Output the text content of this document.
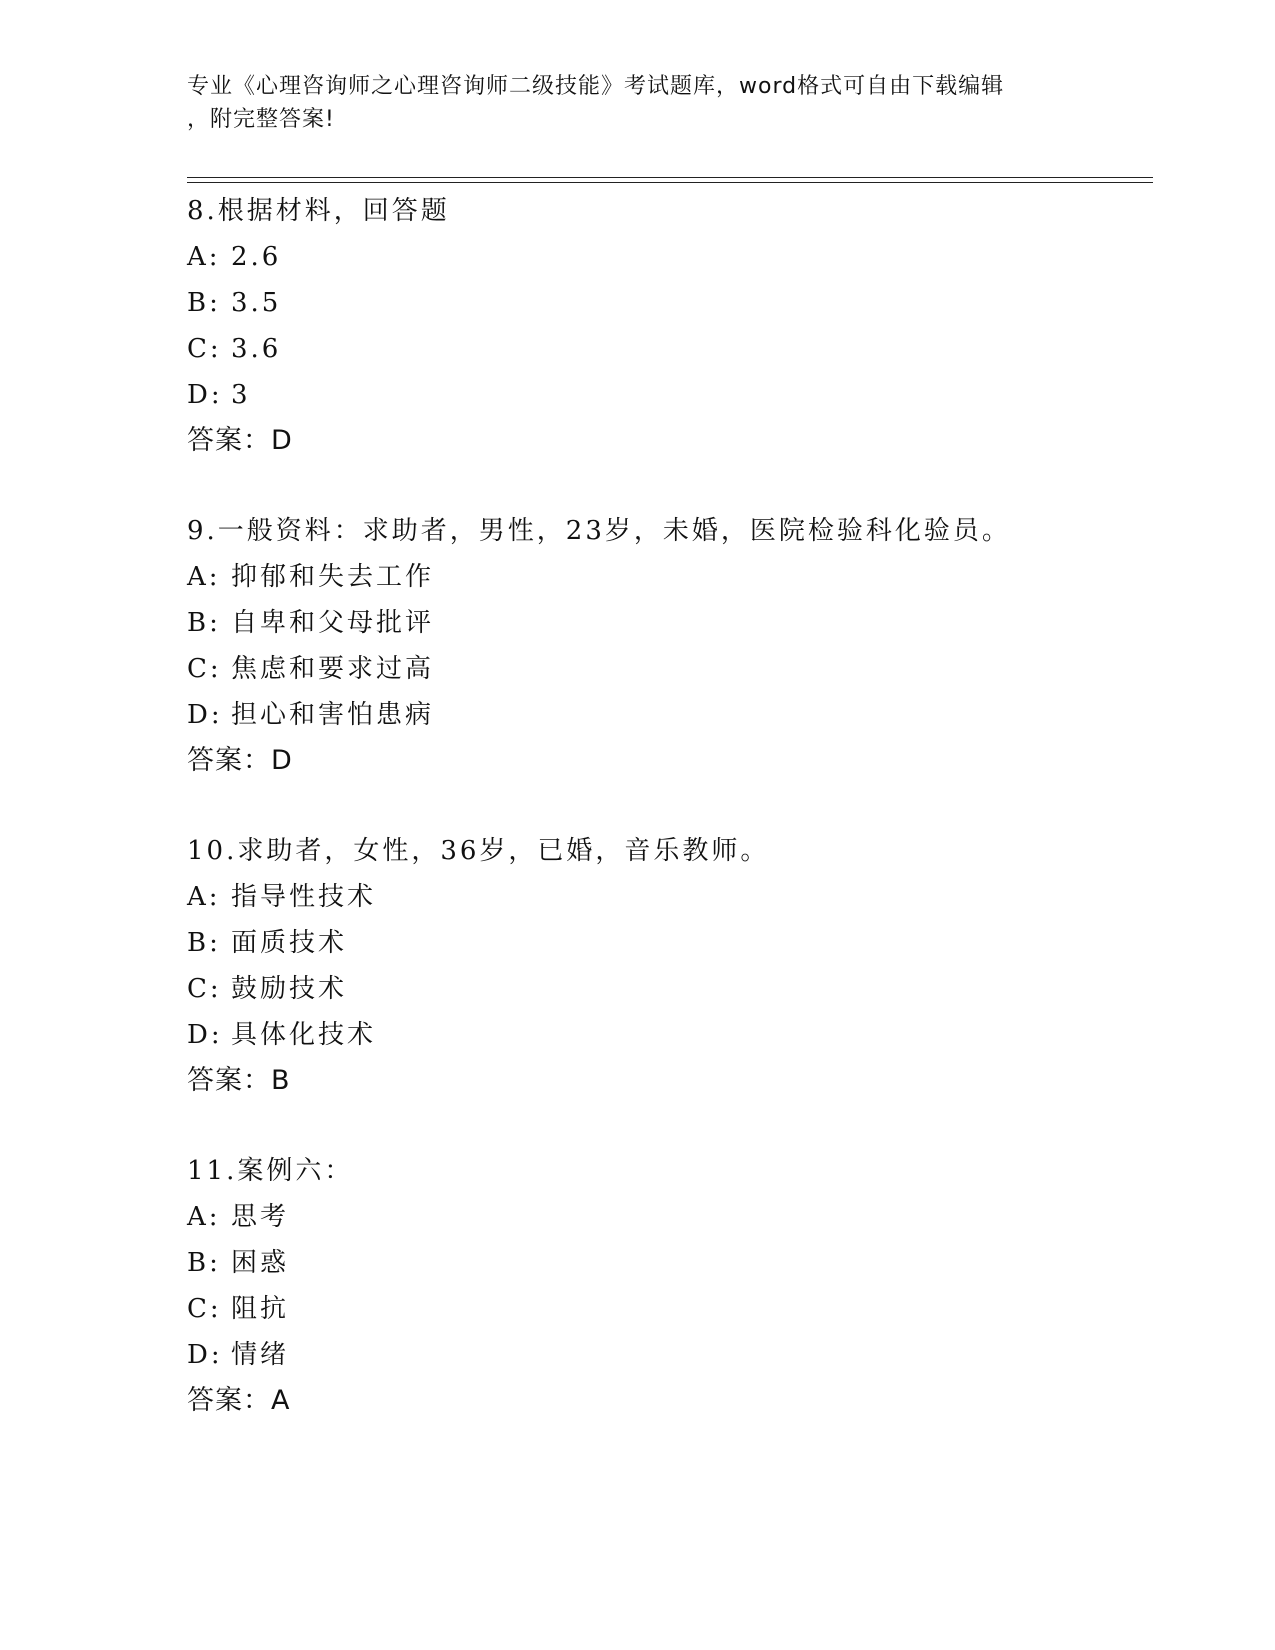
专业《心理咨询师之心理咨询师二级技能》考试题库，word格式可自由下载编辑
，附完整答案!
8.根据材料，回答题
A: 2.6
B: 3.5
C: 3.6
D: 3
答案：D
9.一般资料：求助者，男性，23岁，未婚，医院检验科化验员。
A: 抑郁和失去工作
B: 自卑和父母批评
C: 焦虑和要求过高
D: 担心和害怕患病
答案：D
10.求助者，女性，36岁，已婚，音乐教师。
A: 指导性技术
B: 面质技术
C: 鼓励技术
D: 具体化技术
答案：B
11.案例六：
A: 思考
B: 困惑
C: 阻抗
D: 情绪
答案：A
